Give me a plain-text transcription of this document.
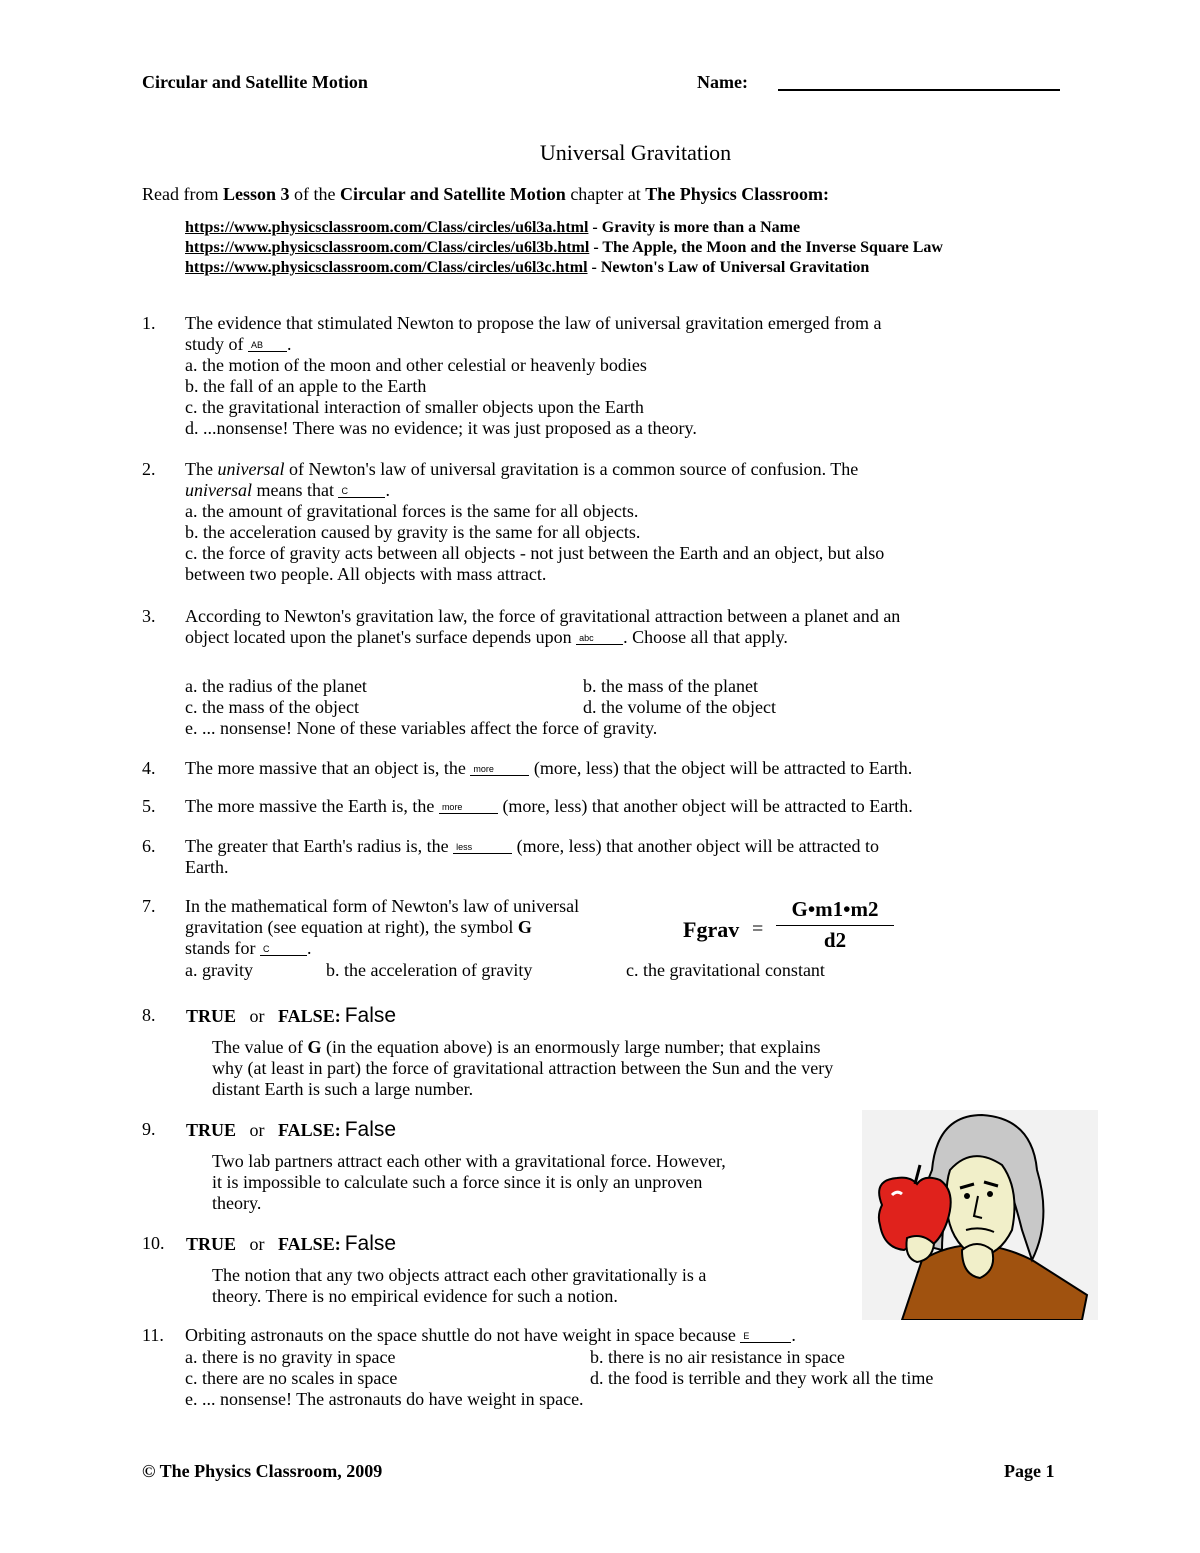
Circular and Satellite Motion	Name:
Universal Gravitation
Read from Lesson 3 of the Circular and Satellite Motion chapter at The Physics Classroom:
https://www.physicsclassroom.com/Class/circles/u6l3a.html - Gravity is more than a Name
https://www.physicsclassroom.com/Class/circles/u6l3b.html - The Apple, the Moon and the Inverse Square Law
https://www.physicsclassroom.com/Class/circles/u6l3c.html - Newton's Law of Universal Gravitation
1. The evidence that stimulated Newton to propose the law of universal gravitation emerged from a
study of AB .
a. the motion of the moon and other celestial or heavenly bodies
b. the fall of an apple to the Earth
c. the gravitational interaction of smaller objects upon the Earth
d. ...nonsense! There was no evidence; it was just proposed as a theory.
2. The universal of Newton's law of universal gravitation is a common source of confusion. The
universal means that C .
a. the amount of gravitational forces is the same for all objects.
b. the acceleration caused by gravity is the same for all objects.
c. the force of gravity acts between all objects - not just between the Earth and an object, but also
between two people. All objects with mass attract.
3. According to Newton's gravitation law, the force of gravitational attraction between a planet and an
object located upon the planet's surface depends upon abc . Choose all that apply.
a. the radius of the planet	b. the mass of the planet
c. the mass of the object	d. the volume of the object
e. ... nonsense! None of these variables affect the force of gravity.
4. The more massive that an object is, the more (more, less) that the object will be attracted to Earth.
5. The more massive the Earth is, the more (more, less) that another object will be attracted to Earth.
6. The greater that Earth's radius is, the less (more, less) that another object will be attracted to
Earth.
7. In the mathematical form of Newton's law of universal
gravitation (see equation at right), the symbol G
stands for C .
a. gravity	b. the acceleration of gravity	c. the gravitational constant
Fgrav =
G•m1•m2
d2
8. TRUE or FALSE: False
The value of G (in the equation above) is an enormously large number; that explains
why (at least in part) the force of gravitational attraction between the Sun and the very
distant Earth is such a large number.
9. TRUE or FALSE: False
Two lab partners attract each other with a gravitational force. However,
it is impossible to calculate such a force since it is only an unproven
theory.
10. TRUE or FALSE: False
The notion that any two objects attract each other gravitationally is a
theory. There is no empirical evidence for such a notion.
11. Orbiting astronauts on the space shuttle do not have weight in space because E .
a. there is no gravity in space	b. there is no air resistance in space
c. there are no scales in space	d. the food is terrible and they work all the time
e. ... nonsense! The astronauts do have weight in space.
© The Physics Classroom, 2009	Page 1
